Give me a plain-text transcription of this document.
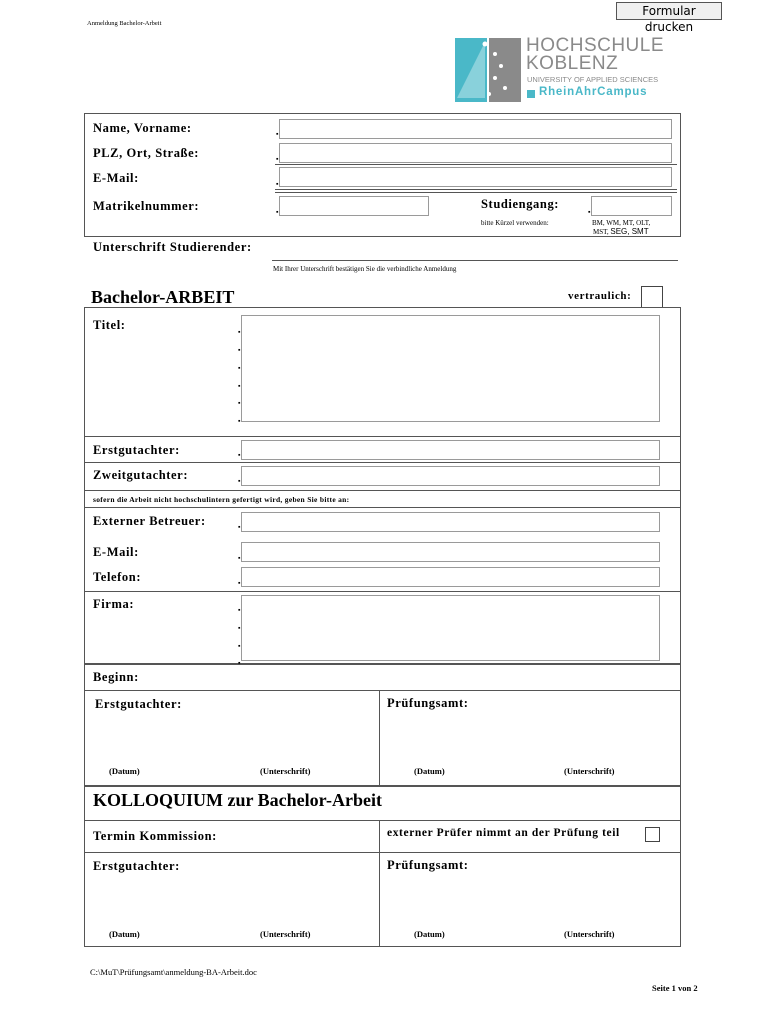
Formular drucken
Anmeldung Bachelor-Arbeit
HOCHSCHULE
KOBLENZ
UNIVERSITY OF APPLIED SCIENCES
RheinAhrCampus
Name, Vorname:	▪
PLZ, Ort, Straße:	▪
E-Mail:	▪
Matrikelnummer:	▪
Studiengang:
▪
bitte Kürzel verwenden:	BM, WM, MT, OLT,
MST, SEG, SMT
Unterschrift Studierender:
Mit Ihrer Unterschrift bestätigen Sie die verbindliche Anmeldung
Bachelor-ARBEIT	vertraulich:
Titel:	▪
▪
▪
▪
▪
▪
Erstgutachter:	▪
Zweitgutachter:	▪
sofern die Arbeit nicht hochschulintern gefertigt wird, geben Sie bitte an:
Externer Betreuer:	▪
E-Mail:	▪
Telefon:	▪
Firma:	▪
▪
▪
▪
Beginn:
Erstgutachter:	Prüfungsamt:
(Datum)	(Unterschrift)	(Datum)	(Unterschrift)
KOLLOQUIUM zur Bachelor-Arbeit
Termin Kommission:	externer Prüfer nimmt an der Prüfung teil
Erstgutachter:	Prüfungsamt:
(Datum)	(Unterschrift)	(Datum)	(Unterschrift)
C:\MuT\Prüfungsamt\anmeldung-BA-Arbeit.doc
Seite 1 von 2
